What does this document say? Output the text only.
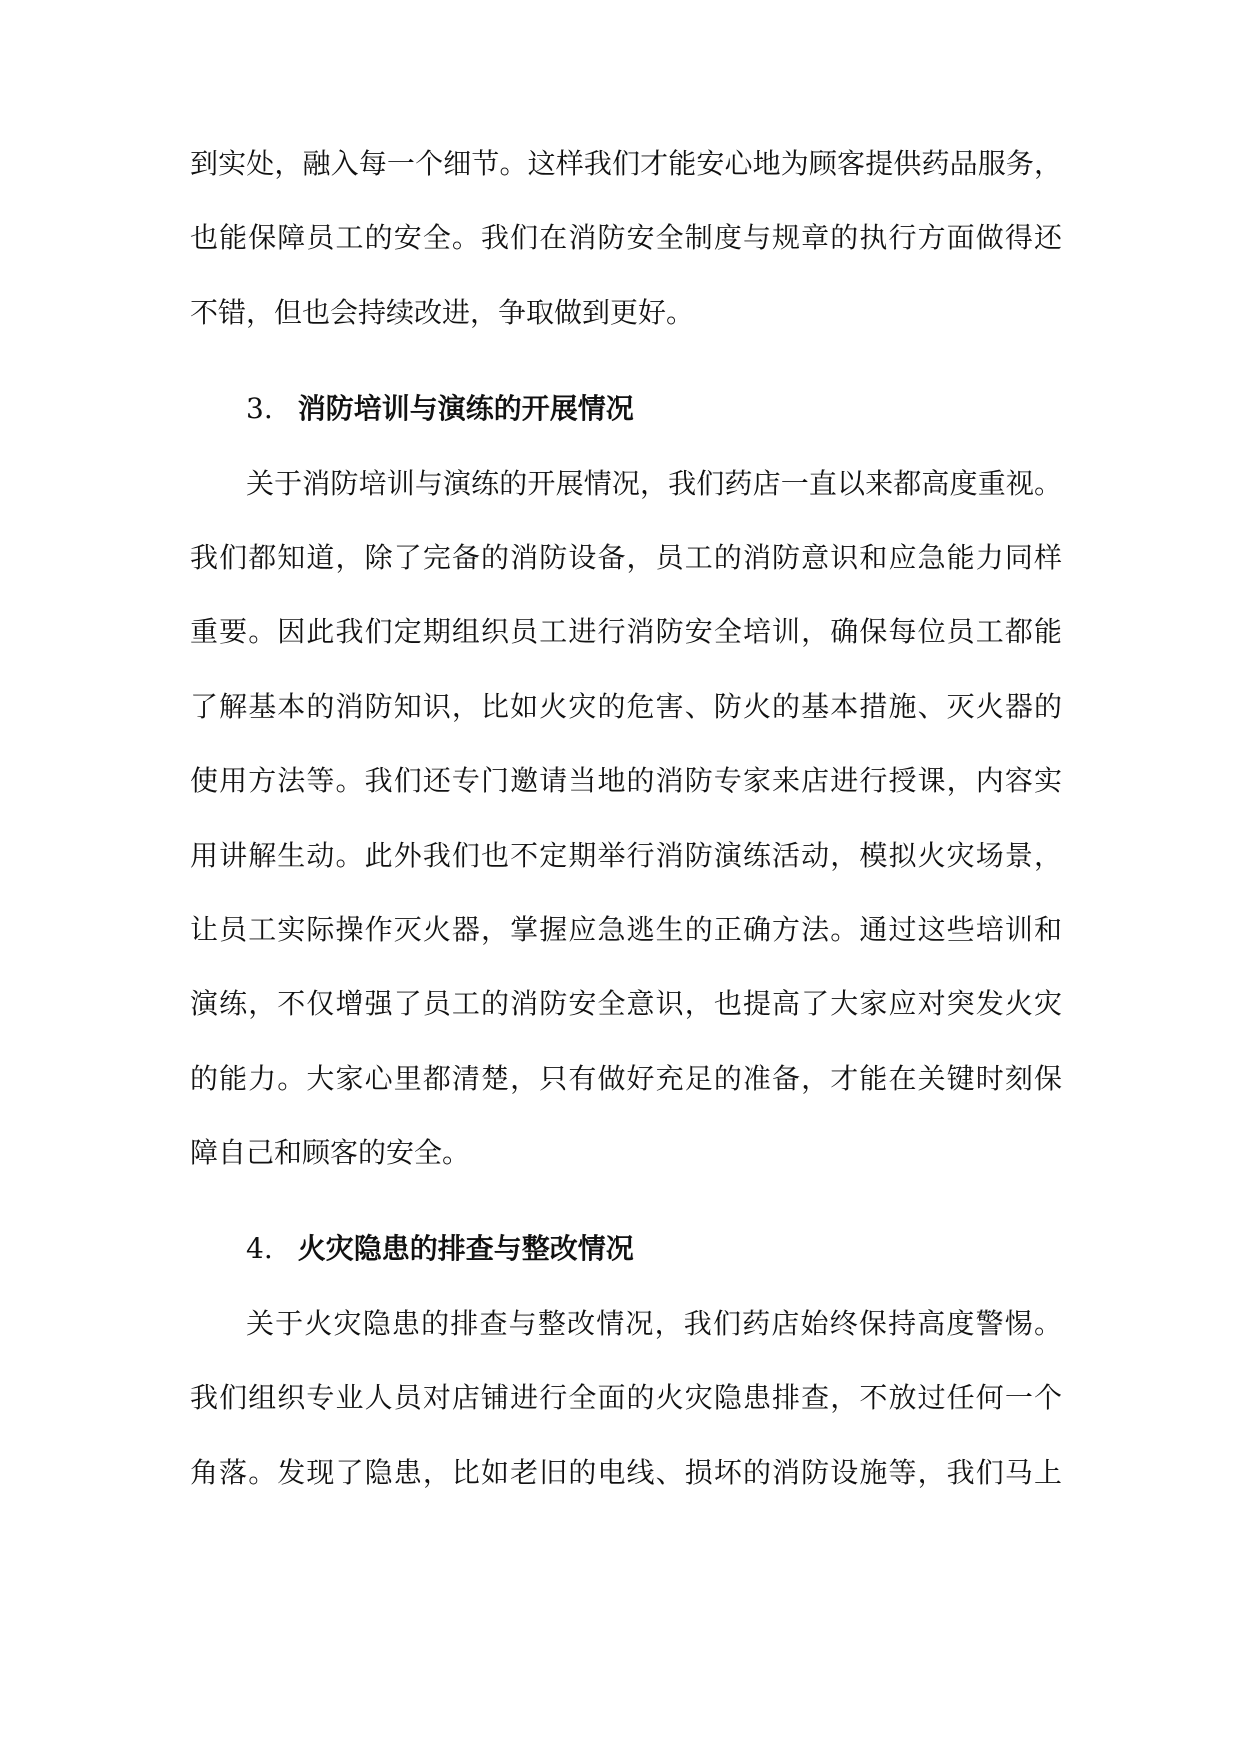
到实处，融入每一个细节。这样我们才能安心地为顾客提供药品服务，
也能保障员工的安全。我们在消防安全制度与规章的执行方面做得还
不错，但也会持续改进，争取做到更好。
3. 消防培训与演练的开展情况
关于消防培训与演练的开展情况，我们药店一直以来都高度重视。
我们都知道，除了完备的消防设备，员工的消防意识和应急能力同样
重要。因此我们定期组织员工进行消防安全培训，确保每位员工都能
了解基本的消防知识，比如火灾的危害、防火的基本措施、灭火器的
使用方法等。我们还专门邀请当地的消防专家来店进行授课，内容实
用讲解生动。此外我们也不定期举行消防演练活动，模拟火灾场景，
让员工实际操作灭火器，掌握应急逃生的正确方法。通过这些培训和
演练，不仅增强了员工的消防安全意识，也提高了大家应对突发火灾
的能力。大家心里都清楚，只有做好充足的准备，才能在关键时刻保
障自己和顾客的安全。
4. 火灾隐患的排查与整改情况
关于火灾隐患的排查与整改情况，我们药店始终保持高度警惕。
我们组织专业人员对店铺进行全面的火灾隐患排查，不放过任何一个
角落。发现了隐患，比如老旧的电线、损坏的消防设施等，我们马上
